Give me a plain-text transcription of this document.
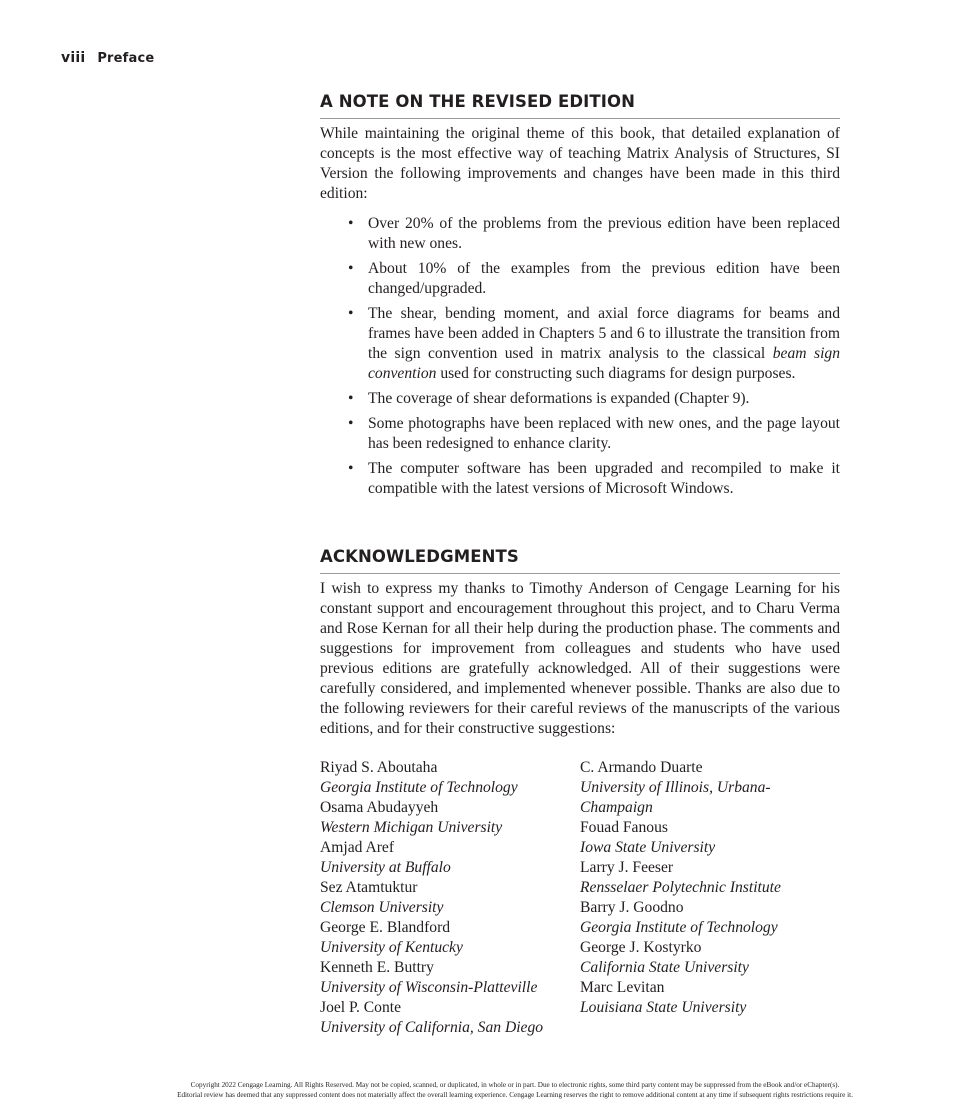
viii Preface
A NOTE ON THE REVISED EDITION

While maintaining the original theme of this book, that detailed explanation of concepts is the most effective way of teaching Matrix Analysis of Structures, SI Version the following improvements and changes have been made in this third edition:

• Over 20% of the problems from the previous edition have been replaced with new ones.
• About 10% of the examples from the previous edition have been changed/upgraded.
• The shear, bending moment, and axial force diagrams for beams and frames have been added in Chapters 5 and 6 to illustrate the transition from the sign convention used in matrix analysis to the classical beam sign convention used for constructing such diagrams for design purposes.
• The coverage of shear deformations is expanded (Chapter 9).
• Some photographs have been replaced with new ones, and the page layout has been redesigned to enhance clarity.
• The computer software has been upgraded and recompiled to make it compatible with the latest versions of Microsoft Windows.
ACKNOWLEDGMENTS

I wish to express my thanks to Timothy Anderson of Cengage Learning for his constant support and encouragement throughout this project, and to Charu Verma and Rose Kernan for all their help during the production phase. The comments and suggestions for improvement from colleagues and students who have used previous editions are gratefully acknowledged. All of their suggestions were carefully considered, and implemented whenever possible. Thanks are also due to the following reviewers for their careful reviews of the manuscripts of the various editions, and for their constructive suggestions:

Riyad S. Aboutaha
Georgia Institute of Technology
Osama Abudayyeh
Western Michigan University
Amjad Aref
University at Buffalo
Sez Atamtuktur
Clemson University
George E. Blandford
University of Kentucky
Kenneth E. Buttry
University of Wisconsin-Platteville
Joel P. Conte
University of California, San Diego
C. Armando Duarte
University of Illinois, Urbana-
Champaign
Fouad Fanous
Iowa State University
Larry J. Feeser
Rensselaer Polytechnic Institute
Barry J. Goodno
Georgia Institute of Technology
George J. Kostyrko
California State University
Marc Levitan
Louisiana State University
Copyright 2022 Cengage Learning. All Rights Reserved. May not be copied, scanned, or duplicated, in whole or in part. Due to electronic rights, some third party content may be suppressed from the eBook and/or eChapter(s).
Editorial review has deemed that any suppressed content does not materially affect the overall learning experience. Cengage Learning reserves the right to remove additional content at any time if subsequent rights restrictions require it.
